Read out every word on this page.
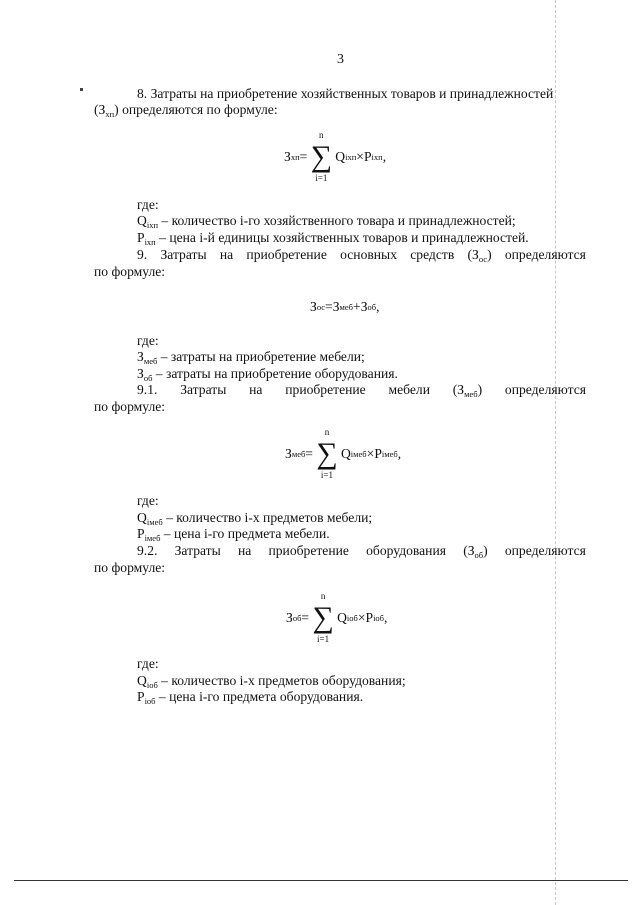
3
8. Затраты на приобретение хозяйственных товаров и принадлежностей
$(З_{хп})$ определяются по формуле:
З хп =
n
∑
i=1
Q iхп × P iхп ,
где:
$Q_{iхп}$ – количество i-го хозяйственного товара и принадлежностей;
$P_{iхп}$ – цена i-й единицы хозяйственных товаров и принадлежностей.
9. Затраты на приобретение основных средств $(З_{ос})$ определяются
по формуле:
З ос = З меб + З об ,
где:
$З_{меб}$ – затраты на приобретение мебели;
$З_{об}$ – затраты на приобретение оборудования.
9.1. Затраты на приобретение мебели $(З_{меб})$ определяются
по формуле:
З меб =
n
∑
i=1
Q iмеб × P iмеб ,
где:
$Q_{iмеб}$ – количество i-х предметов мебели;
$P_{iмеб}$ – цена i-го предмета мебели.
9.2. Затраты на приобретение оборудования $(З_{об})$ определяются
по формуле:
З об =
n
∑
i=1
Q iоб × P iоб ,
где:
$Q_{iоб}$ – количество i-х предметов оборудования;
$P_{iоб}$ – цена i-го предмета оборудования.
